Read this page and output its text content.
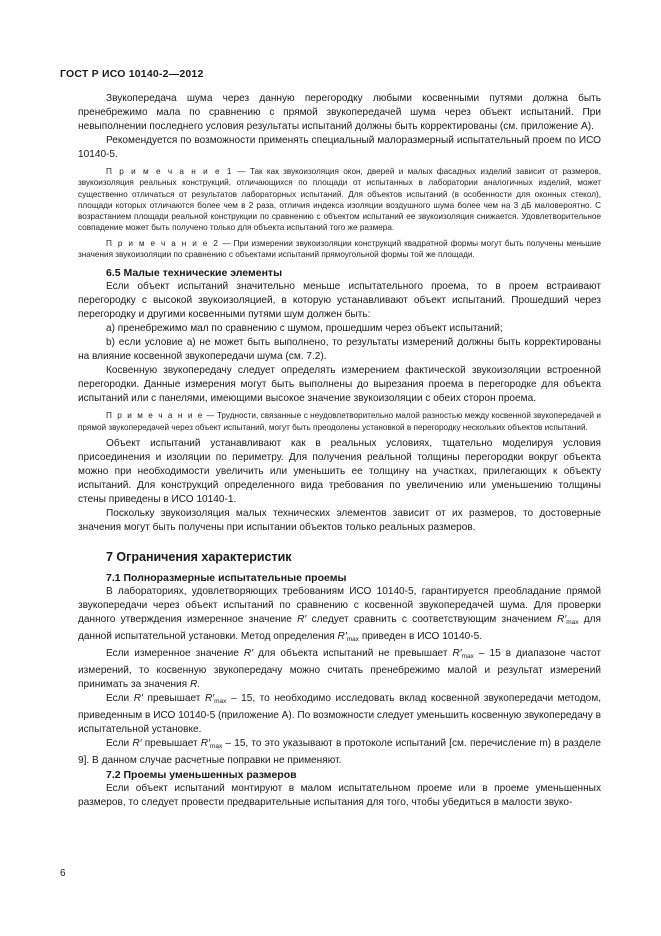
ГОСТ Р ИСО 10140-2—2012

Звукопередача шума через данную перегородку любыми косвенными путями должна быть пренебрежимо мала по сравнению с прямой звукопередачей шума через объект испытаний. При невыполнении последнего условия результаты испытаний должны быть корректированы (см. приложение А).

Рекомендуется по возможности применять специальный малоразмерный испытательный проем по ИСО 10140-5.

П р и м е ч а н и е 1 — Так как звукоизоляция окон, дверей и малых фасадных изделий зависит от размеров, звукоизоляция реальных конструкций, отличающихся по площади от испытанных в лаборатории аналогичных изделий, может существенно отличаться от результатов лабораторных испытаний. Для объектов испытаний (в особенности для оконных стекол), площади которых отличаются более чем в 2 раза, отличия индекса изоляции воздушного шума более чем на 3 дБ маловероятно. С возрастанием площади реальной конструкции по сравнению с объектом испытаний ее звукоизоляция снижается. Удовлетворительное совпадение может быть получено только для объекта испытаний того же размера.

П р и м е ч а н и е 2 — При измерении звукоизоляции конструкций квадратной формы могут быть получены меньшие значения звукоизоляции по сравнению с объектами испытаний прямоугольной формы той же площади.

6.5 Малые технические элементы

Если объект испытаний значительно меньше испытательного проема, то в проем встраивают перегородку с высокой звукоизоляцией, в которую устанавливают объект испытаний. Прошедший через перегородку и другими косвенными путями шум должен быть:

a) пренебрежимо мал по сравнению с шумом, прошедшим через объект испытаний;

b) если условие a) не может быть выполнено, то результаты измерений должны быть корректированы на влияние косвенной звукопередачи шума (см. 7.2).

Косвенную звукопередачу следует определять измерением фактической звукоизоляции встроенной перегородки. Данные измерения могут быть выполнены до вырезания проема в перегородке для объекта испытаний или с панелями, имеющими высокое значение звукоизоляции с обеих сторон проема.

П р и м е ч а н и е — Трудности, связанные с неудовлетворительно малой разностью между косвенной звукопередачей и прямой звукопередачей через объект испытаний, могут быть преодолены установкой в перегородку нескольких объектов испытаний.

Объект испытаний устанавливают как в реальных условиях, тщательно моделируя условия присоединения и изоляции по периметру. Для получения реальной толщины перегородки вокруг объекта можно при необходимости увеличить или уменьшить ее толщину на участках, прилегающих к объекту испытаний. Для конструкций определенного вида требования по увеличению или уменьшению толщины стены приведены в ИСО 10140-1.

Поскольку звукоизоляция малых технических элементов зависит от их размеров, то достоверные значения могут быть получены при испытании объектов только реальных размеров.

7 Ограничения характеристик

7.1 Полноразмерные испытательные проемы

В лабораториях, удовлетворяющих требованиям ИСО 10140-5, гарантируется преобладание прямой звукопередачи через объект испытаний по сравнению с косвенной звукопередачей шума. Для проверки данного утверждения измеренное значение R′ следует сравнить с соответствующим значением $R'_{max}$ для данной испытательной установки. Метод определения $R'_{max}$ приведен в ИСО 10140-5.

Если измеренное значение R′ для объекта испытаний не превышает $R'_{max} - 15$ в диапазоне частот измерений, то косвенную звукопередачу можно считать пренебрежимо малой и результат измерений принимать за значения R.

Если R' превышает $R'_{max} - 15$, то необходимо исследовать вклад косвенной звукопередачи методом, приведенным в ИСО 10140-5 (приложение А). По возможности следует уменьшить косвенную звукопередачу в испытательной установке.

Если R′ превышает $R'_{max} - 15$, то это указывают в протоколе испытаний [см. перечисление m) в разделе 9]. В данном случае расчетные поправки не применяют.

7.2 Проемы уменьшенных размеров

Если объект испытаний монтируют в малом испытательном проеме или в проеме уменьшенных размеров, то следует провести предварительные испытания для того, чтобы убедиться в малости звуко-

6
